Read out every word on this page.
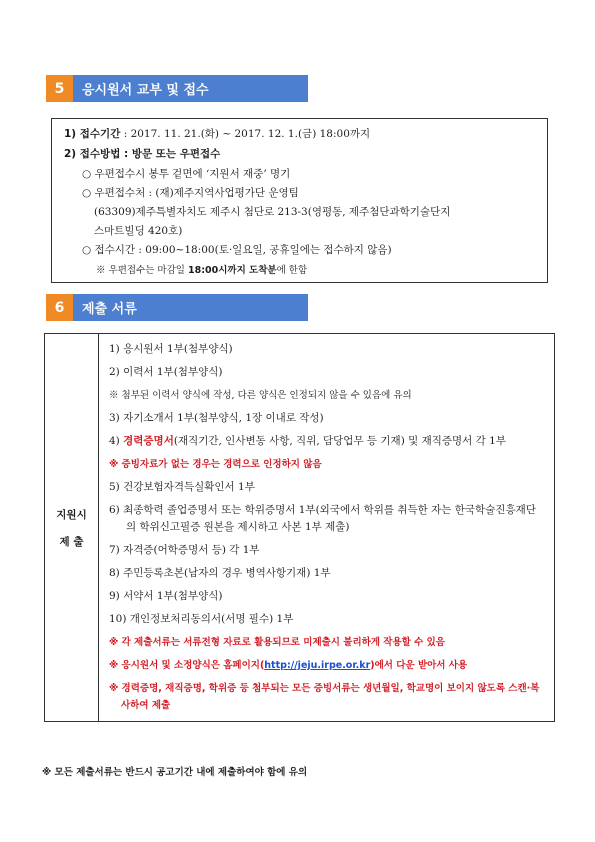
5	응시원서 교부 및 접수
1) 접수기간 : 2017. 11. 21.(화) ~ 2017. 12. 1.(금) 18:00까지
2) 접수방법 : 방문 또는 우편접수
○ 우편접수시 봉투 겉면에 ‘지원서 재중’ 명기
○ 우편접수처 : (재)제주지역사업평가단 운영팀
(63309)제주특별자치도 제주시 첨단로 213-3(영평동, 제주첨단과학기술단지
스마트빌딩 420호)
○ 접수시간 : 09:00~18:00(토·일요일, 공휴일에는 접수하지 않음)
※ 우편접수는 마감일 18:00시까지 도착분에 한함
6	제출 서류
지원시
제 출

1) 응시원서 1부(첨부양식)

2) 이력서 1부(첨부양식)

※ 첨부된 이력서 양식에 작성, 다른 양식은 인정되지 않을 수 있음에 유의

3) 자기소개서 1부(첨부양식, 1장 이내로 작성)

4) 경력증명서(재직기간, 인사변동 사항, 직위, 담당업무 등 기재) 및 재직증명서 각 1부

※ 증빙자료가 없는 경우는 경력으로 인정하지 않음

5) 건강보험자격득실확인서 1부

6) 최종학력 졸업증명서 또는 학위증명서 1부(외국에서 학위를 취득한 자는 한국학술진흥재단의 학위신고필증 원본을 제시하고 사본 1부 제출)

7) 자격증(어학증명서 등) 각 1부

8) 주민등록초본(남자의 경우 병역사항기재) 1부

9) 서약서 1부(첨부양식)

10) 개인정보처리동의서(서명 필수) 1부

※ 각 제출서류는 서류전형 자료로 활용되므로 미제출시 불리하게 작용할 수 있음

※ 응시원서 및 소정양식은 홈페이지(http://jeju.irpe.or.kr)에서 다운 받아서 사용

※ 경력증명, 재직증명, 학위증 등 첨부되는 모든 증빙서류는 생년월일, 학교명이 보이지 않도록 스캔·복사하여 제출

※ 모든 제출서류는 반드시 공고기간 내에 제출하여야 함에 유의
